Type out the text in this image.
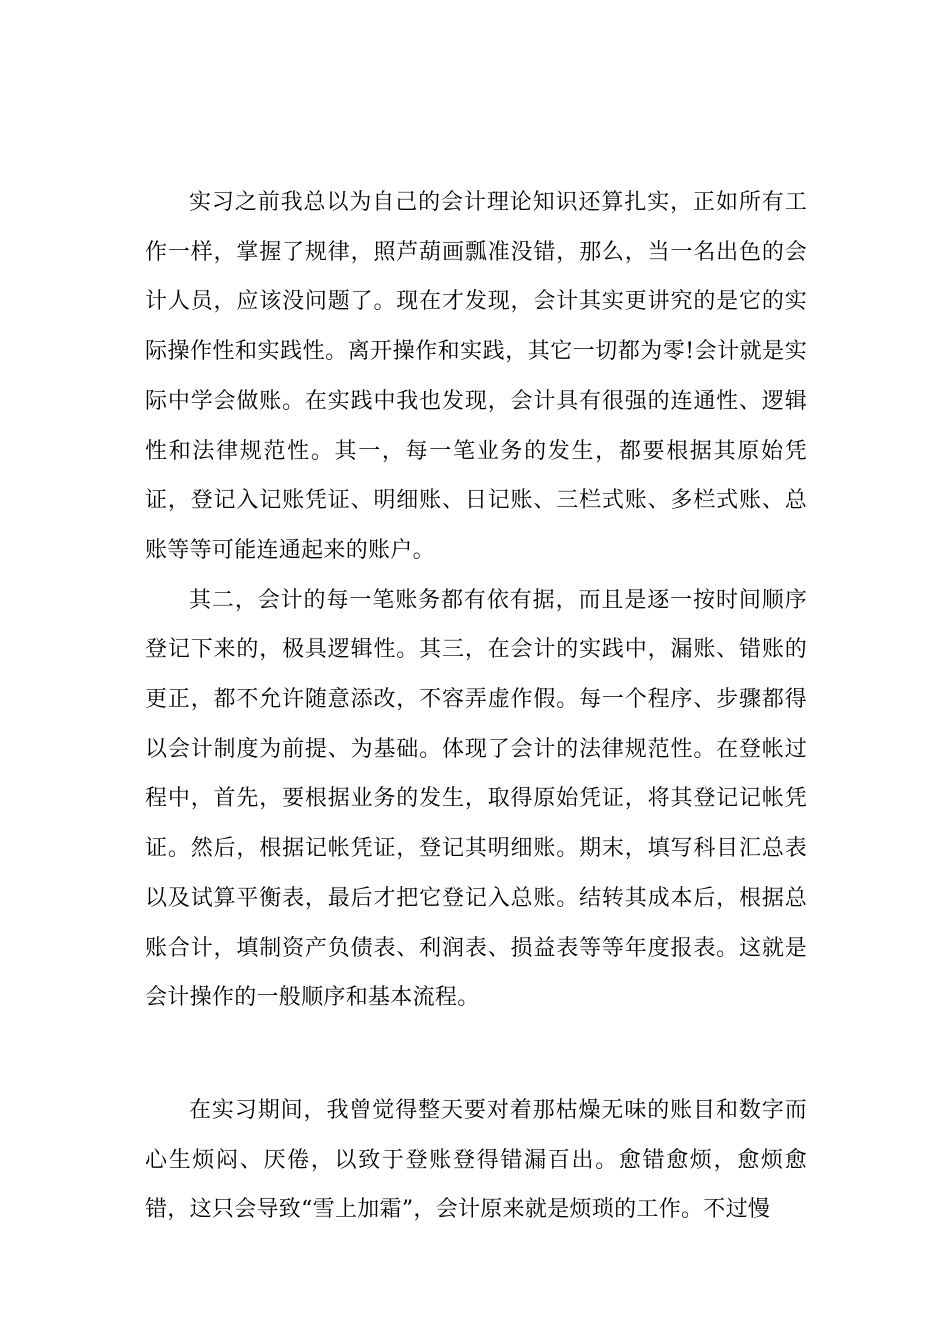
实习之前我总以为自己的会计理论知识还算扎实，正如所有工作一样，掌握了规律，照芦葫画瓢准没错，那么，当一名出色的会计人员，应该没问题了。现在才发现，会计其实更讲究的是它的实际操作性和实践性。离开操作和实践，其它一切都为零!会计就是实际中学会做账。在实践中我也发现，会计具有很强的连通性、逻辑性和法律规范性。其一，每一笔业务的发生，都要根据其原始凭证，登记入记账凭证、明细账、日记账、三栏式账、多栏式账、总账等等可能连通起来的账户。

其二，会计的每一笔账务都有依有据，而且是逐一按时间顺序登记下来的，极具逻辑性。其三，在会计的实践中，漏账、错账的更正，都不允许随意添改，不容弄虚作假。每一个程序、步骤都得以会计制度为前提、为基础。体现了会计的法律规范性。在登帐过程中，首先，要根据业务的发生，取得原始凭证，将其登记记帐凭证。然后，根据记帐凭证，登记其明细账。期末，填写科目汇总表以及试算平衡表，最后才把它登记入总账。结转其成本后，根据总账合计，填制资产负债表、利润表、损益表等等年度报表。这就是会计操作的一般顺序和基本流程。

在实习期间，我曾觉得整天要对着那枯燥无味的账目和数字而心生烦闷、厌倦，以致于登账登得错漏百出。愈错愈烦，愈烦愈错，这只会导致“雪上加霜”，会计原来就是烦琐的工作。不过慢
